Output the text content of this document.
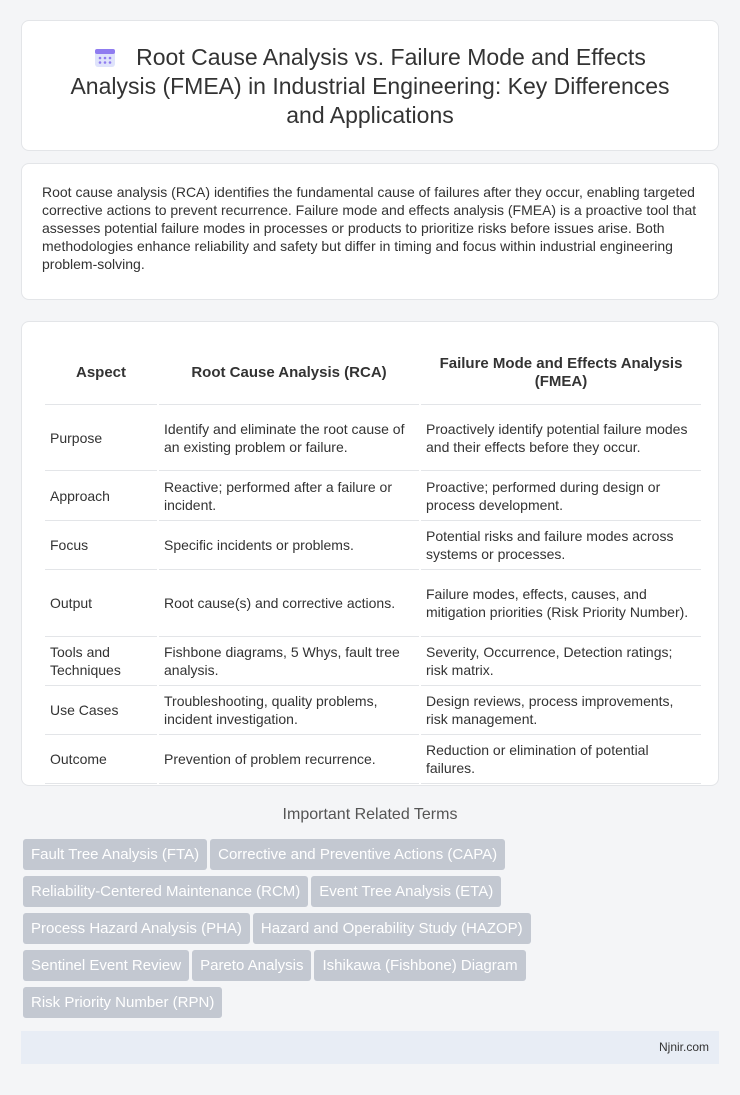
Root Cause Analysis vs. Failure Mode and Effects Analysis (FMEA) in Industrial Engineering: Key Differences and Applications

Root cause analysis (RCA) identifies the fundamental cause of failures after they occur, enabling targeted corrective actions to prevent recurrence. Failure mode and effects analysis (FMEA) is a proactive tool that assesses potential failure modes in processes or products to prioritize risks before issues arise. Both methodologies enhance reliability and safety but differ in timing and focus within industrial engineering problem-solving.

Aspect	Root Cause Analysis (RCA)	Failure Mode and Effects Analysis (FMEA)
Purpose	Identify and eliminate the root cause of an existing problem or failure.	Proactively identify potential failure modes and their effects before they occur.
Approach	Reactive; performed after a failure or incident.	Proactive; performed during design or process development.
Focus	Specific incidents or problems.	Potential risks and failure modes across systems or processes.
Output	Root cause(s) and corrective actions.	Failure modes, effects, causes, and mitigation priorities (Risk Priority Number).
Tools and Techniques	Fishbone diagrams, 5 Whys, fault tree analysis.	Severity, Occurrence, Detection ratings; risk matrix.
Use Cases	Troubleshooting, quality problems, incident investigation.	Design reviews, process improvements, risk management.
Outcome	Prevention of problem recurrence.	Reduction or elimination of potential failures.
Important Related Terms
Fault Tree Analysis (FTA) Corrective and Preventive Actions (CAPA)
Reliability-Centered Maintenance (RCM) Event Tree Analysis (ETA)
Process Hazard Analysis (PHA) Hazard and Operability Study (HAZOP)
Sentinel Event Review Pareto Analysis Ishikawa (Fishbone) Diagram
Risk Priority Number (RPN)
Njnir.com
